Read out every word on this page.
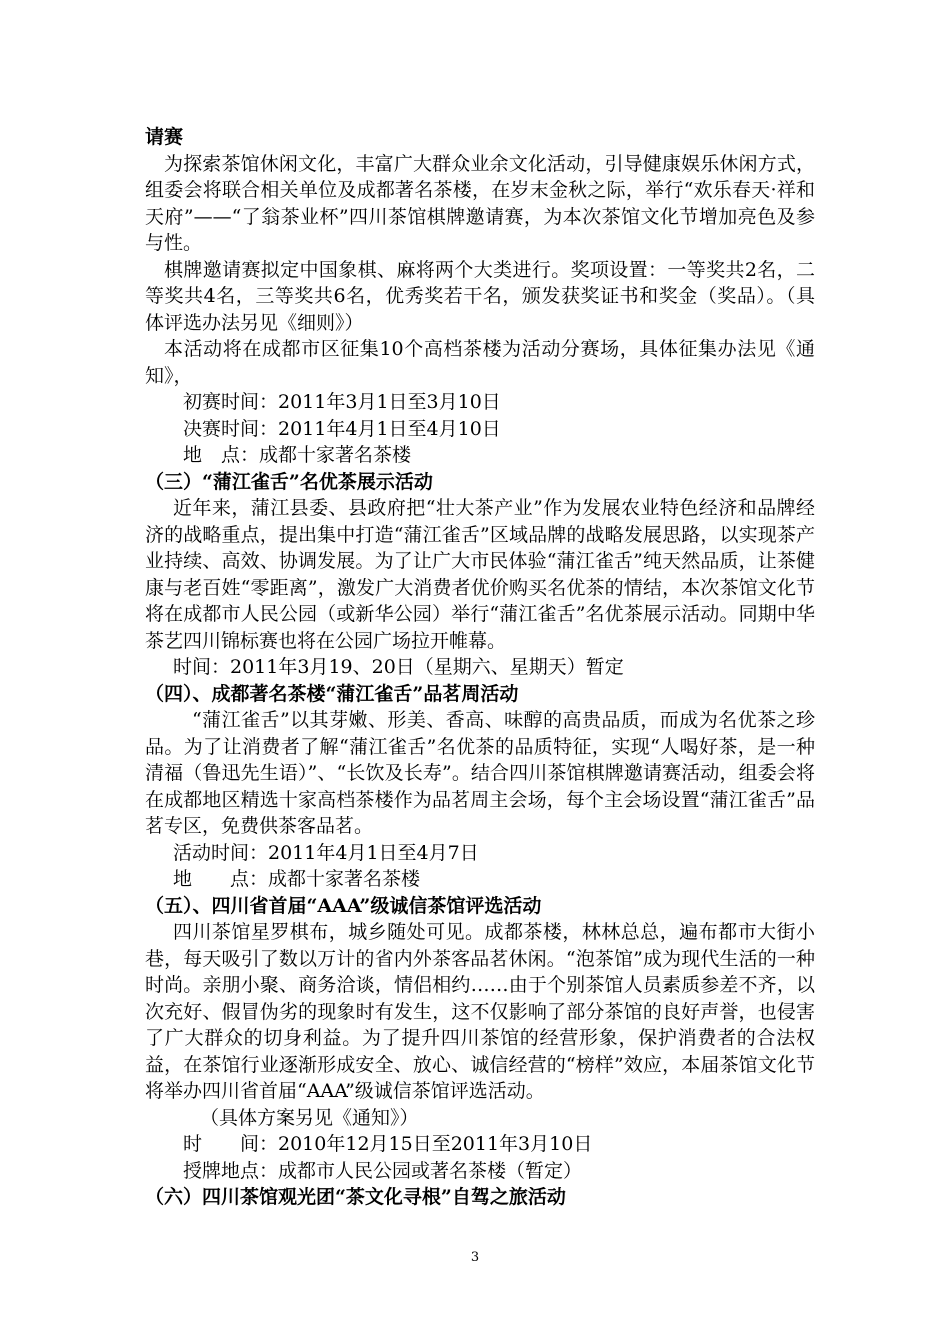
请赛

为探索茶馆休闲文化，丰富广大群众业余文化活动，引导健康娱乐休闲方式，组委会将联合相关单位及成都著名茶楼，在岁末金秋之际，举行“欢乐春天·祥和天府”——“了翁茶业杯”四川茶馆棋牌邀请赛，为本次茶馆文化节增加亮色及参与性。

棋牌邀请赛拟定中国象棋、麻将两个大类进行。奖项设置：一等奖共2名，二等奖共4名，三等奖共6名，优秀奖若干名，颁发获奖证书和奖金（奖品）。（具体评选办法另见《细则》）

本活动将在成都市区征集10个高档茶楼为活动分赛场，具体征集办法见《通知》，

初赛时间：2011年3月1日至3月10日

决赛时间：2011年4月1日至4月10日

地　点：成都十家著名茶楼

（三）“蒲江雀舌”名优茶展示活动

近年来，蒲江县委、县政府把“壮大茶产业”作为发展农业特色经济和品牌经济的战略重点，提出集中打造“蒲江雀舌”区域品牌的战略发展思路，以实现茶产业持续、高效、协调发展。为了让广大市民体验“蒲江雀舌”纯天然品质，让茶健康与老百姓“零距离”，激发广大消费者优价购买名优茶的情结，本次茶馆文化节将在成都市人民公园（或新华公园）举行“蒲江雀舌”名优茶展示活动。同期中华茶艺四川锦标赛也将在公园广场拉开帷幕。

时间：2011年3月19、20日（星期六、星期天）暂定

（四）、成都著名茶楼“蒲江雀舌”品茗周活动

“蒲江雀舌”以其芽嫩、形美、香高、味醇的高贵品质，而成为名优茶之珍品。为了让消费者了解“蒲江雀舌”名优茶的品质特征，实现“人喝好茶，是一种清福（鲁迅先生语）”、“长饮及长寿”。结合四川茶馆棋牌邀请赛活动，组委会将在成都地区精选十家高档茶楼作为品茗周主会场，每个主会场设置“蒲江雀舌”品茗专区，免费供茶客品茗。

活动时间：2011年4月1日至4月7日

地　　点：成都十家著名茶楼

（五）、四川省首届“AAA”级诚信茶馆评选活动

四川茶馆星罗棋布，城乡随处可见。成都茶楼，林林总总，遍布都市大街小巷，每天吸引了数以万计的省内外茶客品茗休闲。“泡茶馆”成为现代生活的一种时尚。亲朋小聚、商务洽谈，情侣相约……由于个别茶馆人员素质参差不齐，以次充好、假冒伪劣的现象时有发生，这不仅影响了部分茶馆的良好声誉，也侵害了广大群众的切身利益。为了提升四川茶馆的经营形象，保护消费者的合法权益，在茶馆行业逐渐形成安全、放心、诚信经营的“榜样”效应，本届茶馆文化节将举办四川省首届“AAA”级诚信茶馆评选活动。

（具体方案另见《通知》）

时　　间：2010年12月15日至2011年3月10日

授牌地点：成都市人民公园或著名茶楼（暂定）

（六）四川茶馆观光团“茶文化寻根”自驾之旅活动

3
